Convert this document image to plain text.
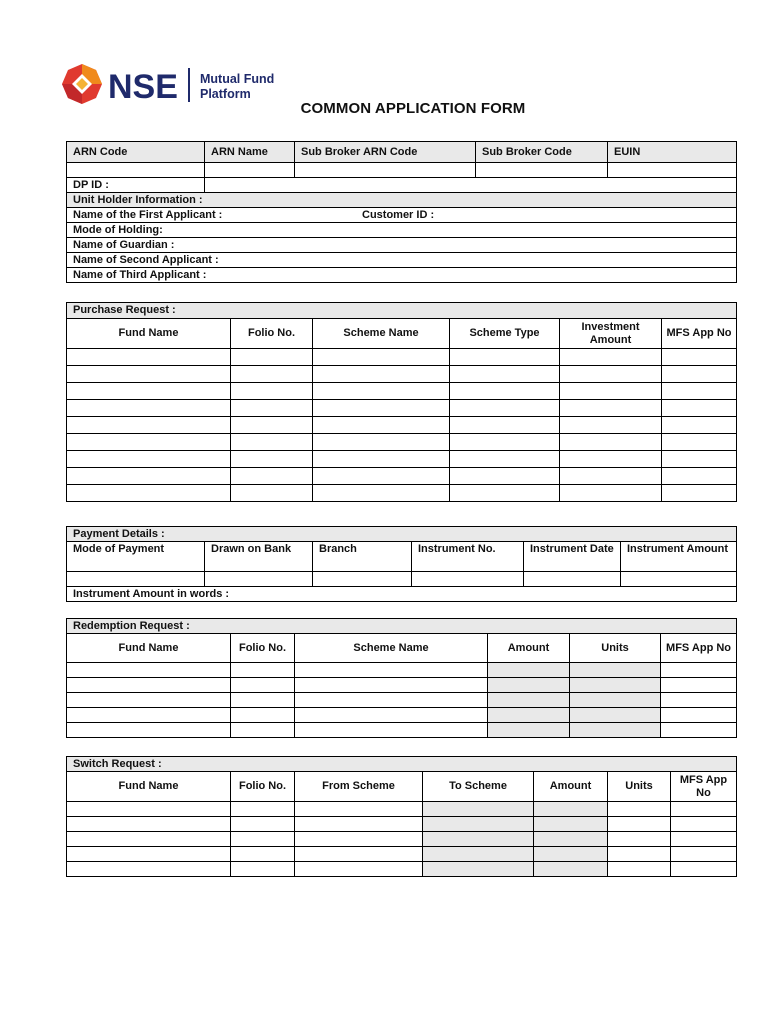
NSE Mutual Fund
Platform
COMMON APPLICATION FORM
ARN Code	ARN Name	Sub Broker ARN Code	Sub Broker Code	EUIN

DP ID :				
Unit Holder Information :				
Name of the First Applicant : Customer ID :				

Mode of Holding:				
Name of Guardian :				
Name of Second Applicant :				
Name of Third Applicant :				
Purchase Request :					
Fund Name	Folio No.	Scheme Name	Scheme Type	Investment Amount	MFS App No

Payment Details :					
Mode of Payment	Drawn on Bank	Branch	Instrument No.	Instrument Date	Instrument Amount

Instrument Amount in words :					
Redemption Request :					
Fund Name	Folio No.	Scheme Name	Amount	Units	MFS App No

Switch Request :						
Fund Name	Folio No.	From Scheme	To Scheme	Amount	Units	MFS App No
